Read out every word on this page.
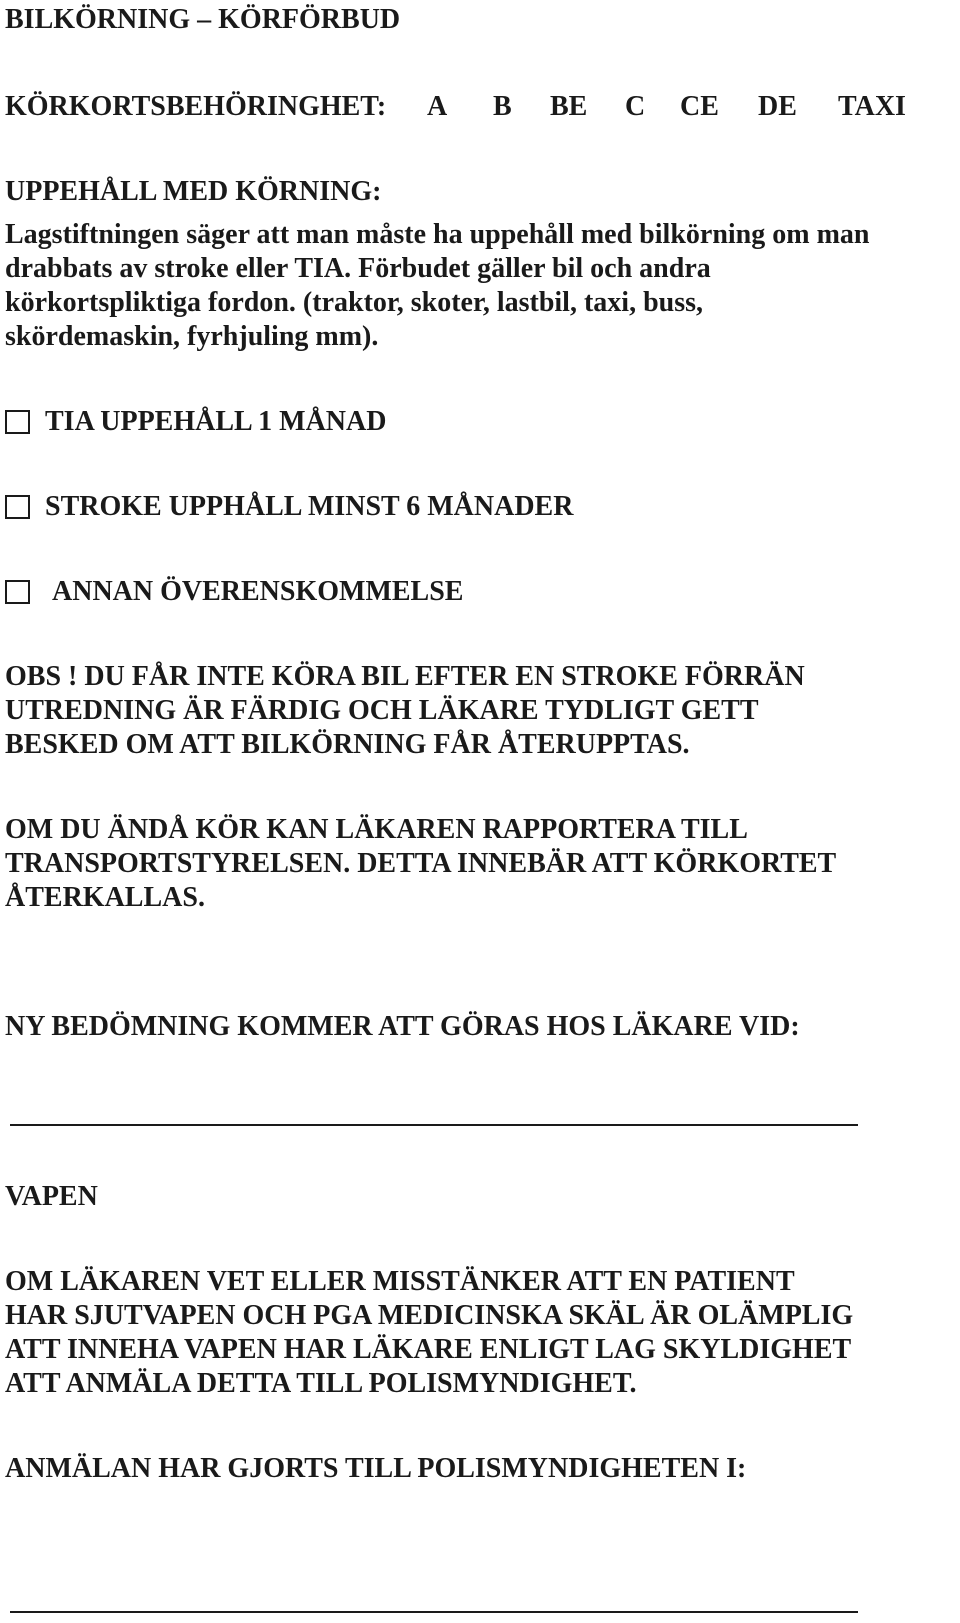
BILKÖRNING – KÖRFÖRBUD
KÖRKORTSBEHÖRINGHET: A B BE C CE DE TAXI
UPPEHÅLL MED KÖRNING:
Lagstiftningen säger att man måste ha uppehåll med bilkörning om man
drabbats av stroke eller TIA. Förbudet gäller bil och andra
körkortspliktiga fordon. (traktor, skoter, lastbil, taxi, buss,
skördemaskin, fyrhjuling mm).
TIA UPPEHÅLL 1 MÅNAD
STROKE UPPHÅLL MINST 6 MÅNADER
ANNAN ÖVERENSKOMMELSE
OBS ! DU FÅR INTE KÖRA BIL EFTER EN STROKE FÖRRÄN
UTREDNING ÄR FÄRDIG OCH LÄKARE TYDLIGT GETT
BESKED OM ATT BILKÖRNING FÅR ÅTERUPPTAS.
OM DU ÄNDÅ KÖR KAN LÄKAREN RAPPORTERA TILL
TRANSPORTSTYRELSEN. DETTA INNEBÄR ATT KÖRKORTET
ÅTERKALLAS.
NY BEDÖMNING KOMMER ATT GÖRAS HOS LÄKARE VID:
VAPEN
OM LÄKAREN VET ELLER MISSTÄNKER ATT EN PATIENT
HAR SJUTVAPEN OCH PGA MEDICINSKA SKÄL ÄR OLÄMPLIG
ATT INNEHA VAPEN HAR LÄKARE ENLIGT LAG SKYLDIGHET
ATT ANMÄLA DETTA TILL POLISMYNDIGHET.
ANMÄLAN HAR GJORTS TILL POLISMYNDIGHETEN I:
